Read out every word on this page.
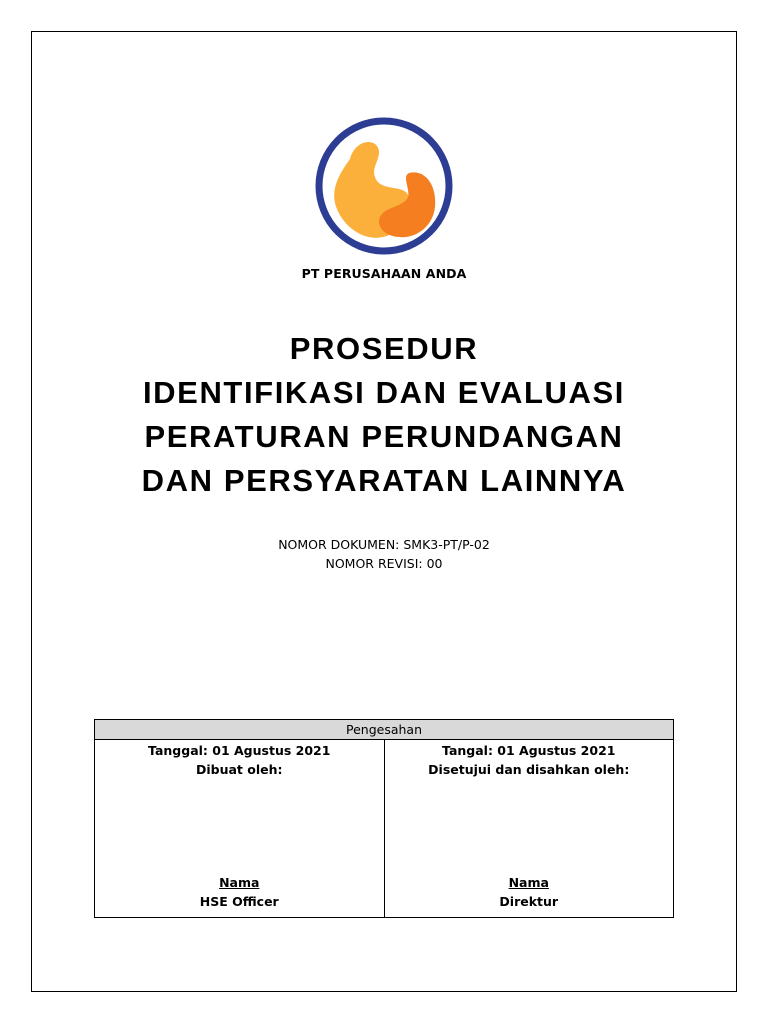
PT PERUSAHAAN ANDA
PROSEDUR
IDENTIFIKASI DAN EVALUASI
PERATURAN PERUNDANGAN
DAN PERSYARATAN LAINNYA
NOMOR DOKUMEN: SMK3-PT/P-02
NOMOR REVISI: 00
Pengesahan
Tanggal: 01 Agustus 2021
Dibuat oleh:
Nama
HSE Officer
Tangal: 01 Agustus 2021
Disetujui dan disahkan oleh:
Nama
Direktur
